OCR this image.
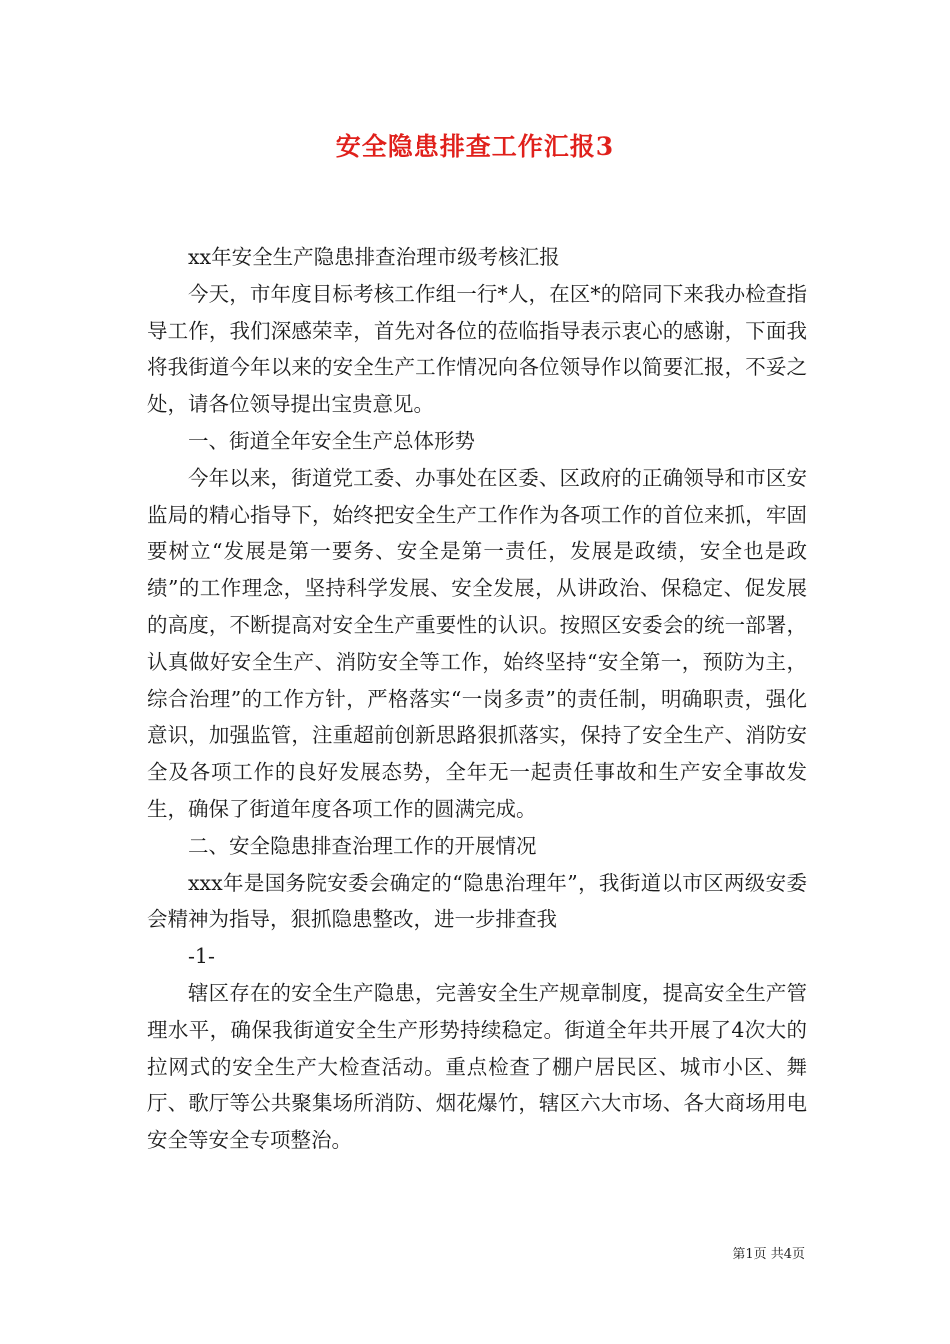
安全隐患排查工作汇报3

xx年安全生产隐患排查治理市级考核汇报

今天，市年度目标考核工作组一行*人，在区*的陪同下来我办检查指导工作，我们深感荣幸，首先对各位的莅临指导表示衷心的感谢，下面我将我街道今年以来的安全生产工作情况向各位领导作以简要汇报，不妥之处，请各位领导提出宝贵意见。

一、街道全年安全生产总体形势

今年以来，街道党工委、办事处在区委、区政府的正确领导和市区安监局的精心指导下，始终把安全生产工作作为各项工作的首位来抓，牢固要树立“发展是第一要务、安全是第一责任，发展是政绩，安全也是政绩”的工作理念，坚持科学发展、安全发展，从讲政治、保稳定、促发展的高度，不断提高对安全生产重要性的认识。按照区安委会的统一部署，认真做好安全生产、消防安全等工作，始终坚持“安全第一，预防为主，综合治理”的工作方针，严格落实“一岗多责”的责任制，明确职责，强化意识，加强监管，注重超前创新思路狠抓落实，保持了安全生产、消防安全及各项工作的良好发展态势，全年无一起责任事故和生产安全事故发生，确保了街道年度各项工作的圆满完成。

二、安全隐患排查治理工作的开展情况

xxx年是国务院安委会确定的“隐患治理年”，我街道以市区两级安委会精神为指导，狠抓隐患整改，进一步排查我

-1-

辖区存在的安全生产隐患，完善安全生产规章制度，提高安全生产管理水平，确保我街道安全生产形势持续稳定。街道全年共开展了4次大的拉网式的安全生产大检查活动。重点检查了棚户居民区、城市小区、舞厅、歌厅等公共聚集场所消防、烟花爆竹，辖区六大市场、各大商场用电安全等安全专项整治。

第1页 共4页
